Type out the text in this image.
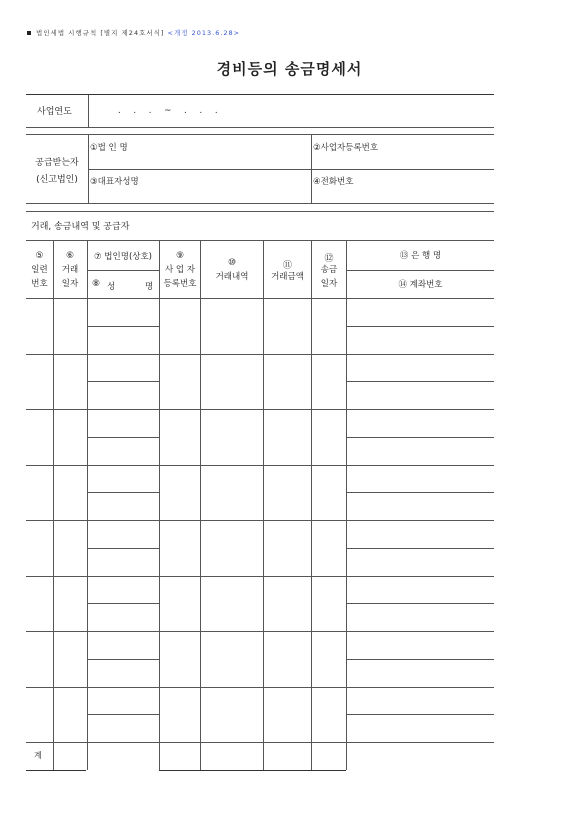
법인세법 시행규칙 [별지 제24호서식] <개정 2013.6.28>
경비등의 송금명세서
사업연도	. . . ~ . . .
공급받는자
(신고법인)
①법 인 명	②사업자등록번호
③대표자성명	④전화번호
거래, 송금내역 및 공급자
⑤
일련
번호
⑥
거래
일자
⑦ 법인명(상호)
⑧ 성	명
⑨
사 업 자
등록번호
⑩
거래내역
⑪
거래금액
⑫
송금
일자
⑬ 은 행 명
⑭ 계좌번호
계
